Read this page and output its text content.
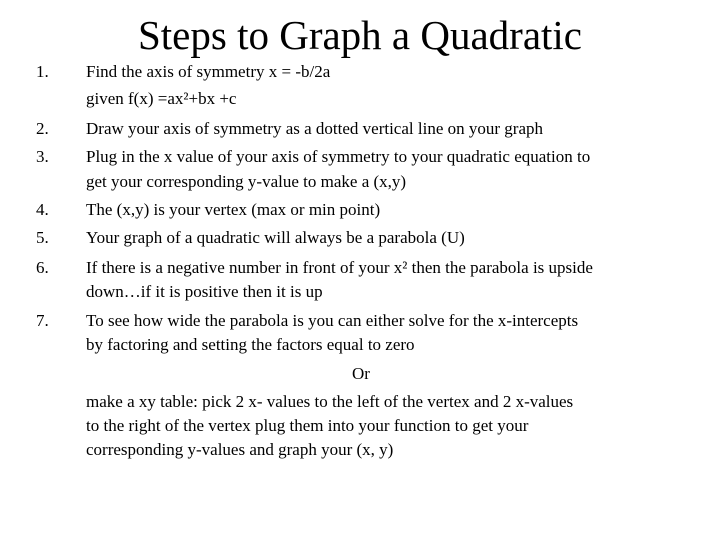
Steps to Graph a Quadratic
1. Find the axis of symmetry x = -b/2a
given f(x) =ax²+bx +c
2. Draw your axis of symmetry as a dotted vertical line on your graph
3. Plug in the x value of your axis of symmetry to your quadratic equation to
get your corresponding y-value to make a (x,y)
4. The (x,y) is your vertex (max or min point)
5. Your graph of a quadratic will always be a parabola (U)
6. If there is a negative number in front of your x² then the parabola is upside
down…if it is positive then it is up
7. To see how wide the parabola is you can either solve for the x-intercepts
by factoring and setting the factors equal to zero
Or
make a xy table: pick 2 x- values to the left of the vertex and 2 x-values
to the right of the vertex plug them into your function to get your
corresponding y-values and graph your (x, y)
